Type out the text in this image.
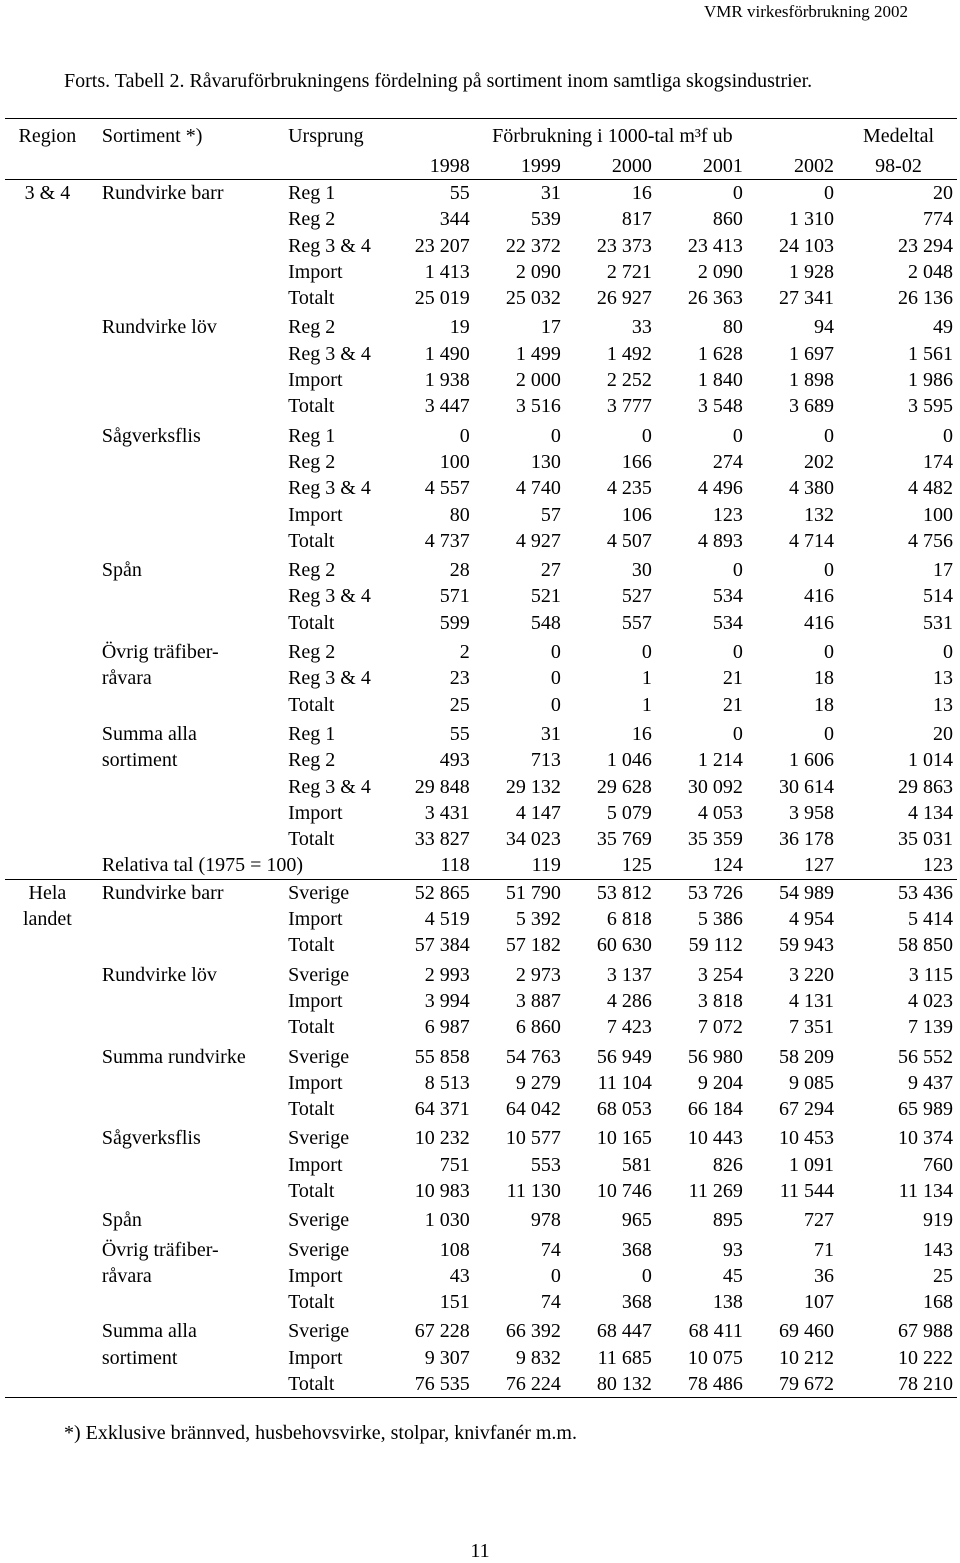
VMR virkesförbrukning 2002
Forts. Tabell 2. Råvaruförbrukningens fördelning på sortiment inom samtliga skogsindustrier.
Region	Sortiment *)	Ursprung	Förbrukning i 1000-tal m³f ub					Medeltal
			1998	1999	2000	2001	2002	98-02
3 & 4	Rundvirke barr	Reg 1	55	31	16	0	0	20
		Reg 2	344	539	817	860	1 310	774
		Reg 3 & 4	23 207	22 372	23 373	23 413	24 103	23 294
		Import	1 413	2 090	2 721	2 090	1 928	2 048
		Totalt	25 019	25 032	26 927	26 363	27 341	26 136
	Rundvirke löv	Reg 2	19	17	33	80	94	49
		Reg 3 & 4	1 490	1 499	1 492	1 628	1 697	1 561
		Import	1 938	2 000	2 252	1 840	1 898	1 986
		Totalt	3 447	3 516	3 777	3 548	3 689	3 595
	Sågverksflis	Reg 1	0	0	0	0	0	0
		Reg 2	100	130	166	274	202	174
		Reg 3 & 4	4 557	4 740	4 235	4 496	4 380	4 482
		Import	80	57	106	123	132	100
		Totalt	4 737	4 927	4 507	4 893	4 714	4 756
	Spån	Reg 2	28	27	30	0	0	17
		Reg 3 & 4	571	521	527	534	416	514
		Totalt	599	548	557	534	416	531
	Övrig träfiber-	Reg 2	2	0	0	0	0	0
	råvara	Reg 3 & 4	23	0	1	21	18	13
		Totalt	25	0	1	21	18	13
	Summa alla	Reg 1	55	31	16	0	0	20
	sortiment	Reg 2	493	713	1 046	1 214	1 606	1 014
		Reg 3 & 4	29 848	29 132	29 628	30 092	30 614	29 863
		Import	3 431	4 147	5 079	4 053	3 958	4 134
		Totalt	33 827	34 023	35 769	35 359	36 178	35 031
	Relativa tal (1975 = 100)		118	119	125	124	127	123
Hela	Rundvirke barr	Sverige	52 865	51 790	53 812	53 726	54 989	53 436
landet		Import	4 519	5 392	6 818	5 386	4 954	5 414
		Totalt	57 384	57 182	60 630	59 112	59 943	58 850
	Rundvirke löv	Sverige	2 993	2 973	3 137	3 254	3 220	3 115
		Import	3 994	3 887	4 286	3 818	4 131	4 023
		Totalt	6 987	6 860	7 423	7 072	7 351	7 139
	Summa rundvirke	Sverige	55 858	54 763	56 949	56 980	58 209	56 552
		Import	8 513	9 279	11 104	9 204	9 085	9 437
		Totalt	64 371	64 042	68 053	66 184	67 294	65 989
	Sågverksflis	Sverige	10 232	10 577	10 165	10 443	10 453	10 374
		Import	751	553	581	826	1 091	760
		Totalt	10 983	11 130	10 746	11 269	11 544	11 134
	Spån	Sverige	1 030	978	965	895	727	919
	Övrig träfiber-	Sverige	108	74	368	93	71	143
	råvara	Import	43	0	0	45	36	25
		Totalt	151	74	368	138	107	168
	Summa alla	Sverige	67 228	66 392	68 447	68 411	69 460	67 988
	sortiment	Import	9 307	9 832	11 685	10 075	10 212	10 222
		Totalt	76 535	76 224	80 132	78 486	79 672	78 210
*) Exklusive brännved, husbehovsvirke, stolpar, knivfanér m.m.
11
